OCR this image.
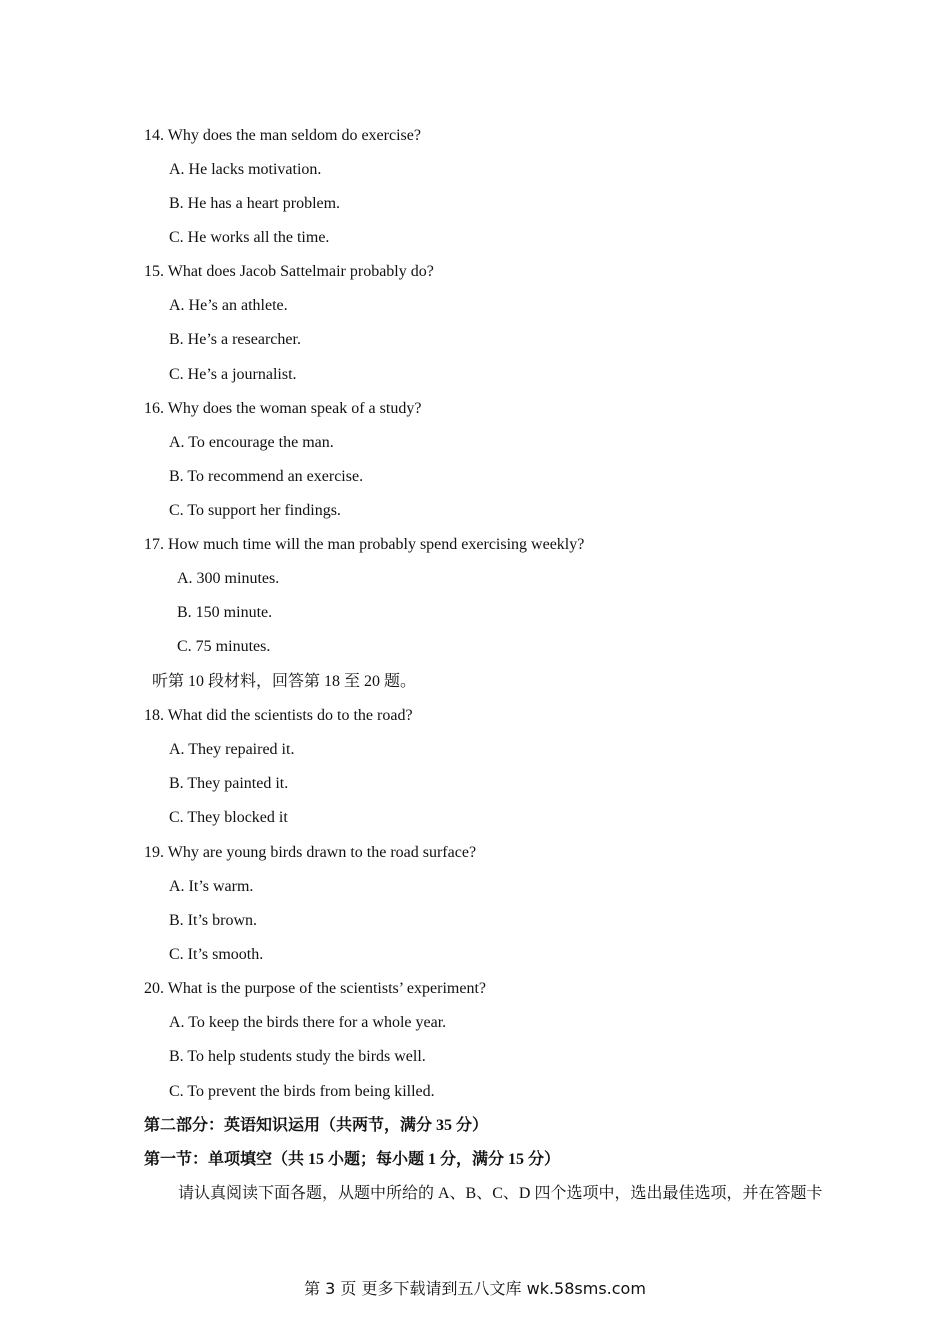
14. Why does the man seldom do exercise?
A. He lacks motivation.
B. He has a heart problem.
C. He works all the time.
15. What does Jacob Sattelmair probably do?
A. He’s an athlete.
B. He’s a researcher.
C. He’s a journalist.
16. Why does the woman speak of a study?
A. To encourage the man.
B. To recommend an exercise.
C. To support her findings.
17. How much time will the man probably spend exercising weekly?
A. 300 minutes.
B. 150 minute.
C. 75 minutes.
听第 10 段材料，回答第 18 至 20 题。
18. What did the scientists do to the road?
A. They repaired it.
B. They painted it.
C. They blocked it
19. Why are young birds drawn to the road surface?
A. It’s warm.
B. It’s brown.
C. It’s smooth.
20. What is the purpose of the scientists’ experiment?
A. To keep the birds there for a whole year.
B. To help students study the birds well.
C. To prevent the birds from being killed.
第二部分：英语知识运用（共两节，满分 35 分）
第一节：单项填空（共 15 小题；每小题 1 分，满分 15 分）
请认真阅读下面各题，从题中所给的 A、B、C、D 四个选项中，选出最佳选项，并在答题卡
第 3 页 更多下载请到五八文库 wk.58sms.com
